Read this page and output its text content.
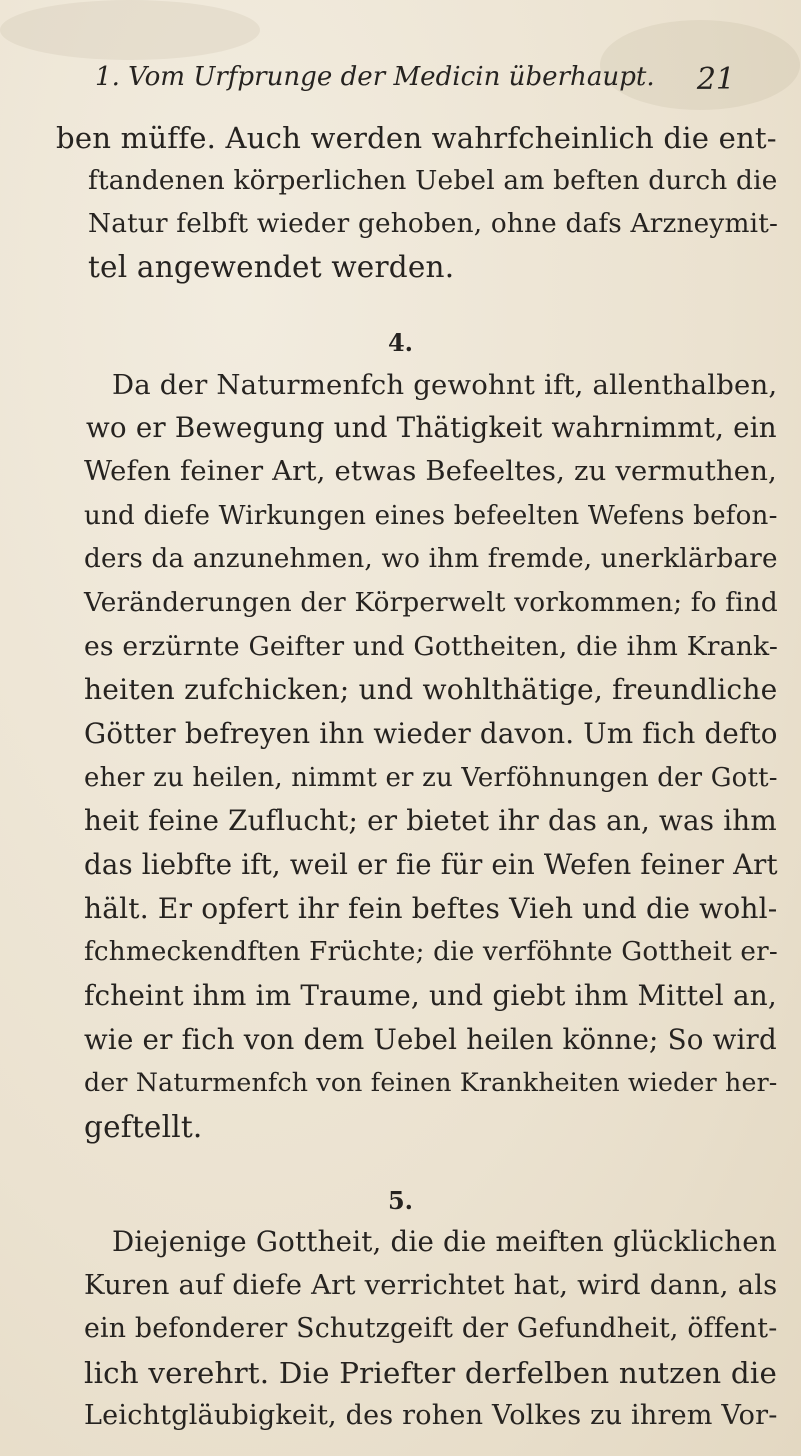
1. Vom Urfprunge der Medicin überhaupt. 21
ben müffe. Auch werden wahrfcheinlich die ent-
ftandenen körperlichen Uebel am beften durch die
Natur felbft wieder gehoben, ohne dafs Arzneymit-
tel angewendet werden.
4.
Da der Naturmenfch gewohnt ift, allenthalben,
wo er Bewegung und Thätigkeit wahrnimmt, ein
Wefen feiner Art, etwas Befeeltes, zu vermuthen,
und diefe Wirkungen eines befeelten Wefens befon-
ders da anzunehmen, wo ihm fremde, unerklärbare
Veränderungen der Körperwelt vorkommen; fo find
es erzürnte Geifter und Gottheiten, die ihm Krank-
heiten zufchicken; und wohlthätige, freundliche
Götter befreyen ihn wieder davon. Um fich defto
eher zu heilen, nimmt er zu Verföhnungen der Gott-
heit feine Zuflucht; er bietet ihr das an, was ihm
das liebfte ift, weil er fie für ein Wefen feiner Art
hält. Er opfert ihr fein beftes Vieh und die wohl-
fchmeckendften Früchte; die verföhnte Gottheit er-
fcheint ihm im Traume, und giebt ihm Mittel an,
wie er fich von dem Uebel heilen könne; So wird
der Naturmenfch von feinen Krankheiten wieder her-
geftellt.
5.
Diejenige Gottheit, die die meiften glücklichen
Kuren auf diefe Art verrichtet hat, wird dann, als
ein befonderer Schutzgeift der Gefundheit, öffent-
lich verehrt. Die Priefter derfelben nutzen die
Leichtgläubigkeit, des rohen Volkes zu ihrem Vor-
